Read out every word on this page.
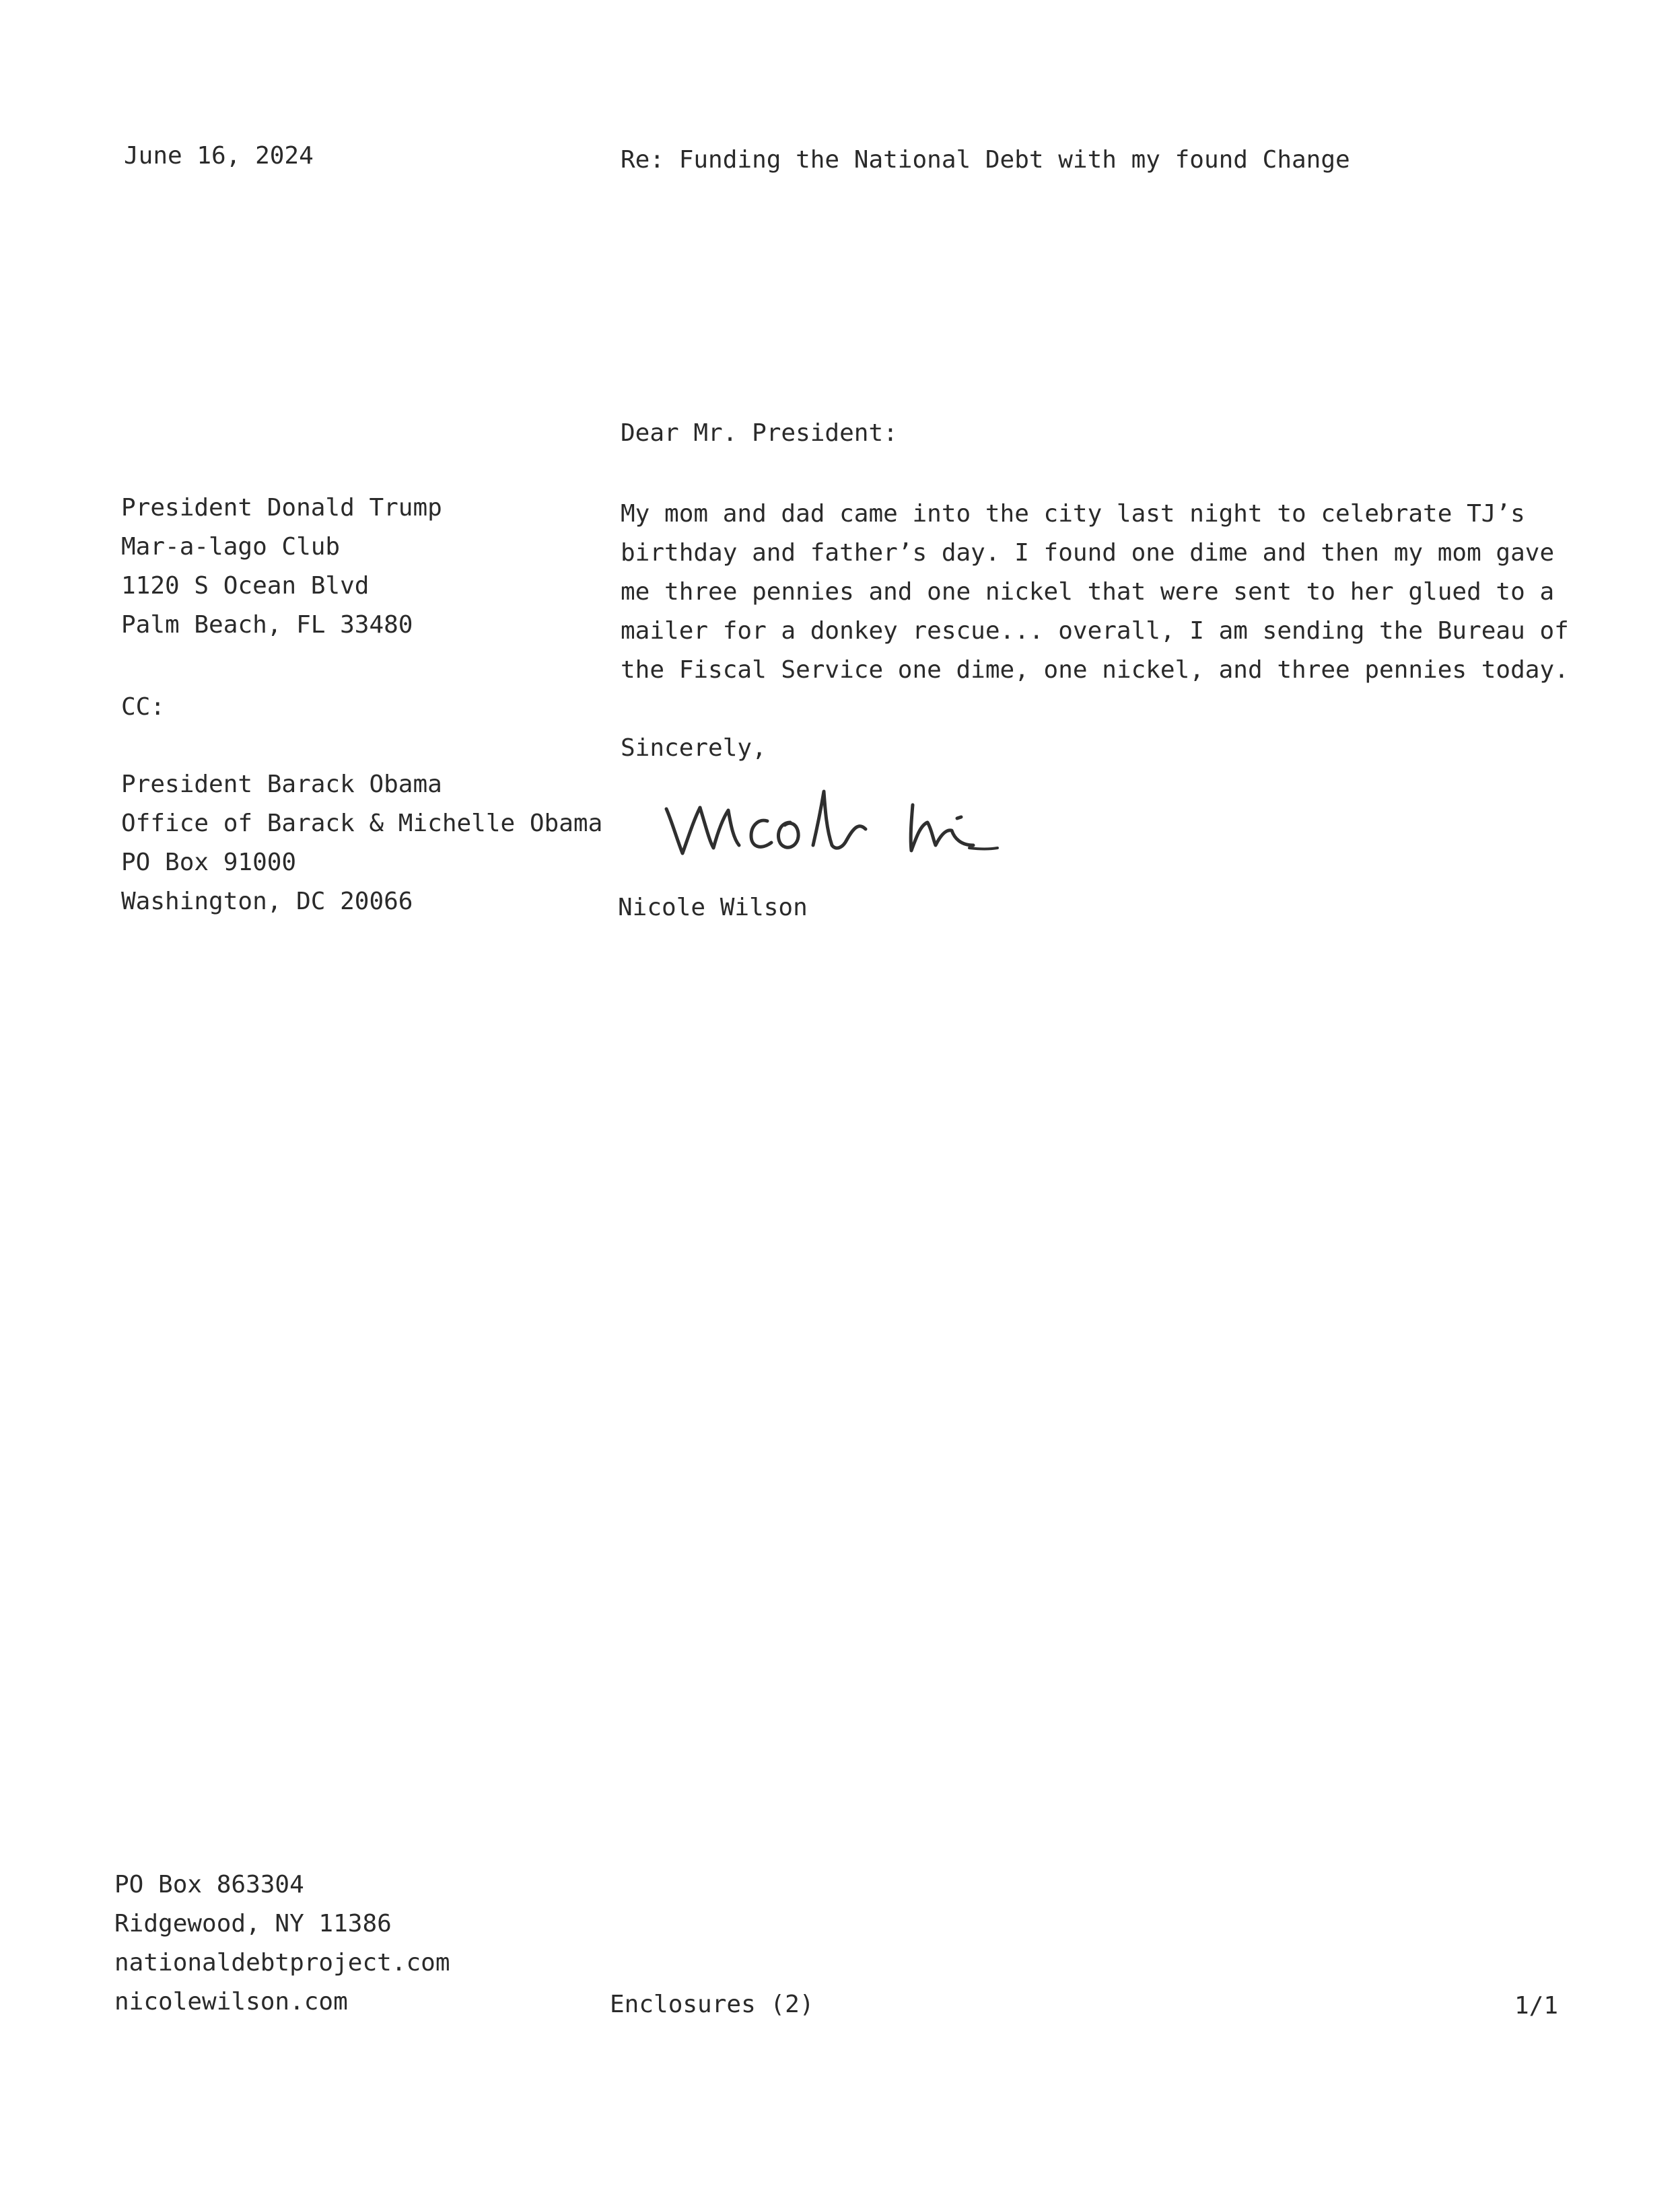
June 16, 2024	Re: Funding the National Debt with my found Change
Dear Mr. President:
President Donald Trump
Mar-a-lago Club
1120 S Ocean Blvd
Palm Beach, FL 33480
CC:
President Barack Obama
Office of Barack & Michelle Obama
PO Box 91000
Washington, DC 20066
My mom and dad came into the city last night to celebrate TJ’s
birthday and father’s day. I found one dime and then my mom gave
me three pennies and one nickel that were sent to her glued to a
mailer for a donkey rescue... overall, I am sending the Bureau of
the Fiscal Service one dime, one nickel, and three pennies today.
Sincerely,
Nicole Wilson
PO Box 863304
Ridgewood, NY 11386
nationaldebtproject.com
nicolewilson.com	Enclosures (2)	1/1
